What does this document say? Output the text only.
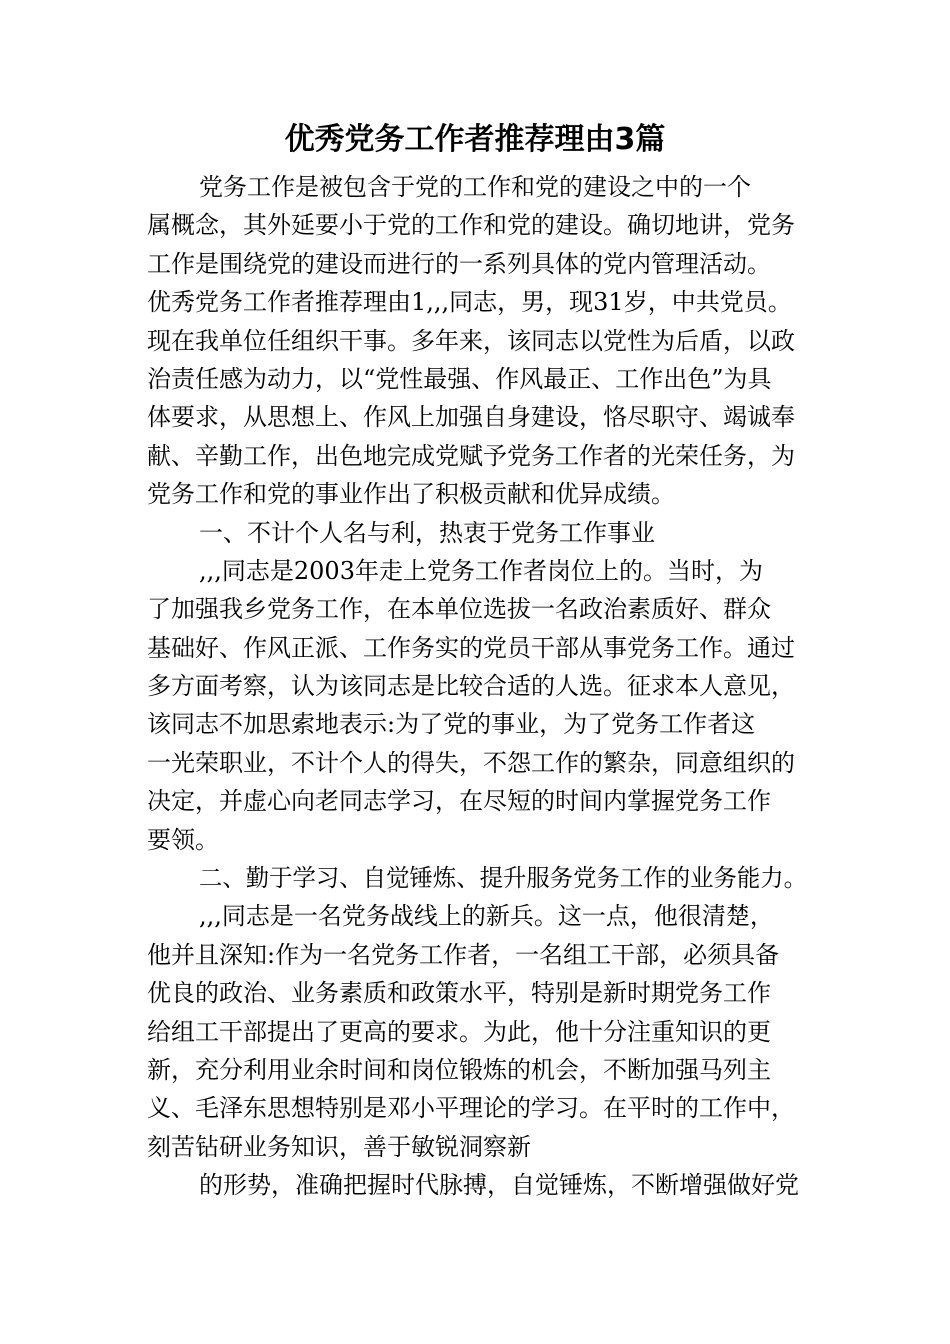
优秀党务工作者推荐理由3篇
党务工作是被包含于党的工作和党的建设之中的一个
属概念，其外延要小于党的工作和党的建设。确切地讲，党务
工作是围绕党的建设而进行的一系列具体的党内管理活动。
优秀党务工作者推荐理由1,,,同志，男，现31岁，中共党员。
现在我单位任组织干事。多年来，该同志以党性为后盾，以政
治责任感为动力，以“党性最强、作风最正、工作出色”为具
体要求，从思想上、作风上加强自身建设，恪尽职守、竭诚奉
献、辛勤工作，出色地完成党赋予党务工作者的光荣任务，为
党务工作和党的事业作出了积极贡献和优异成绩。
一、不计个人名与利，热衷于党务工作事业
,,,同志是2003年走上党务工作者岗位上的。当时，为
了加强我乡党务工作，在本单位选拔一名政治素质好、群众
基础好、作风正派、工作务实的党员干部从事党务工作。通过
多方面考察，认为该同志是比较合适的人选。征求本人意见，
该同志不加思索地表示:为了党的事业，为了党务工作者这
一光荣职业，不计个人的得失，不怨工作的繁杂，同意组织的
决定，并虚心向老同志学习，在尽短的时间内掌握党务工作
要领。
二、勤于学习、自觉锤炼、提升服务党务工作的业务能力。
,,,同志是一名党务战线上的新兵。这一点，他很清楚，
他并且深知:作为一名党务工作者，一名组工干部，必须具备
优良的政治、业务素质和政策水平，特别是新时期党务工作
给组工干部提出了更高的要求。为此，他十分注重知识的更
新，充分利用业余时间和岗位锻炼的机会，不断加强马列主
义、毛泽东思想特别是邓小平理论的学习。在平时的工作中，
刻苦钻研业务知识，善于敏锐洞察新
的形势，准确把握时代脉搏，自觉锤炼，不断增强做好党
